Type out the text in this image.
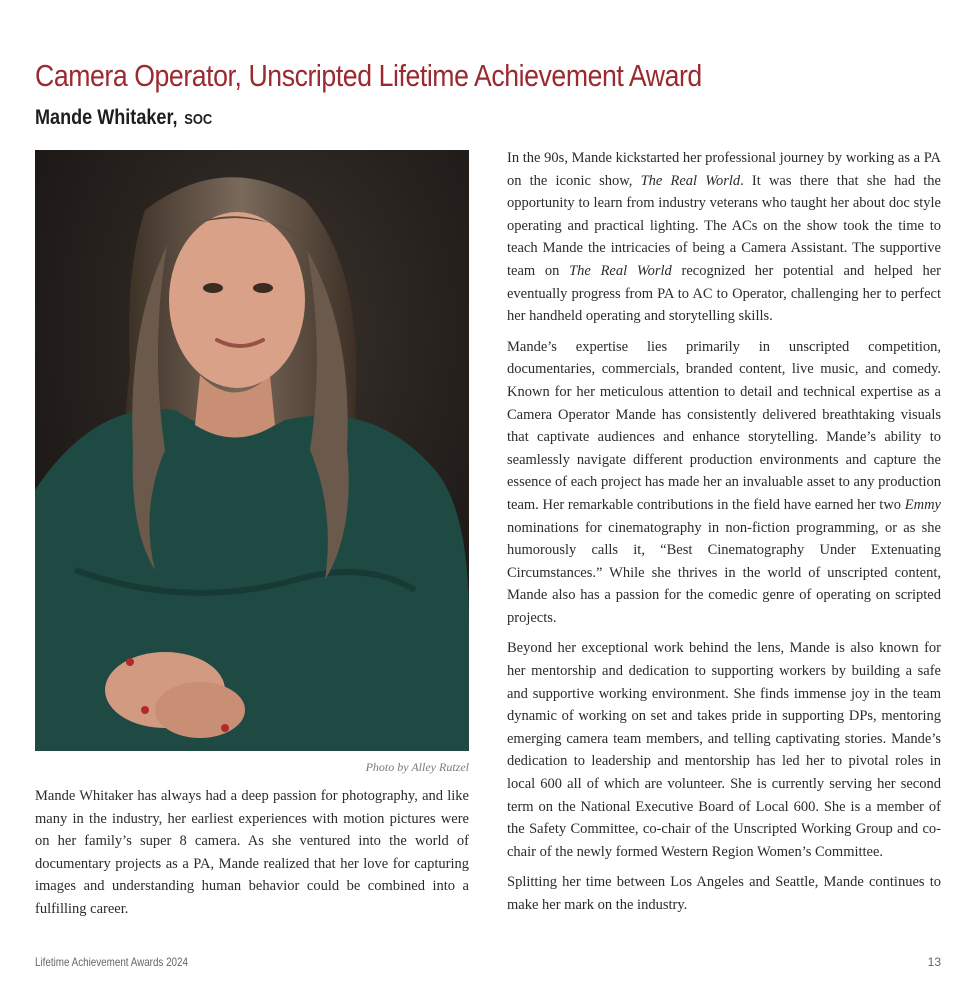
Camera Operator, Unscripted Lifetime Achievement Award
Mande Whitaker, SOC
Photo by Alley Rutzel

Mande Whitaker has always had a deep passion for photography, and like many in the industry, her earliest experiences with motion pictures were on her family’s super 8 camera. As she ventured into the world of documentary projects as a PA, Mande realized that her love for capturing images and understanding human behavior could be combined into a fulfilling career.

In the 90s, Mande kickstarted her professional journey by working as a PA on the iconic show, The Real World. It was there that she had the opportunity to learn from industry veterans who taught her about doc style operating and practical lighting. The ACs on the show took the time to teach Mande the intricacies of being a Camera Assistant. The supportive team on The Real World recognized her potential and helped her eventually progress from PA to AC to Operator, challenging her to perfect her handheld operating and storytelling skills.

Mande’s expertise lies primarily in unscripted competition, documentaries, commercials, branded content, live music, and comedy. Known for her meticulous attention to detail and technical expertise as a Camera Operator Mande has consistently delivered breathtaking visuals that captivate audiences and enhance storytelling. Mande’s ability to seamlessly navigate different production environments and capture the essence of each project has made her an invaluable asset to any production team. Her remarkable contributions in the field have earned her two Emmy nominations for cinematography in non-fiction programming, or as she humorously calls it, “Best Cinematography Under Extenuating Circumstances.” While she thrives in the world of unscripted content, Mande also has a passion for the comedic genre of operating on scripted projects.

Beyond her exceptional work behind the lens, Mande is also known for her mentorship and dedication to supporting workers by building a safe and supportive working environment. She finds immense joy in the team dynamic of working on set and takes pride in supporting DPs, mentoring emerging camera team members, and telling captivating stories. Mande’s dedication to leadership and mentorship has led her to pivotal roles in local 600 all of which are volunteer. She is currently serving her second term on the National Executive Board of Local 600. She is a member of the Safety Committee, co-chair of the Unscripted Working Group and co-chair of the newly formed Western Region Women’s Committee.

Splitting her time between Los Angeles and Seattle, Mande continues to make her mark on the industry.

Lifetime Achievement Awards 2024	13
